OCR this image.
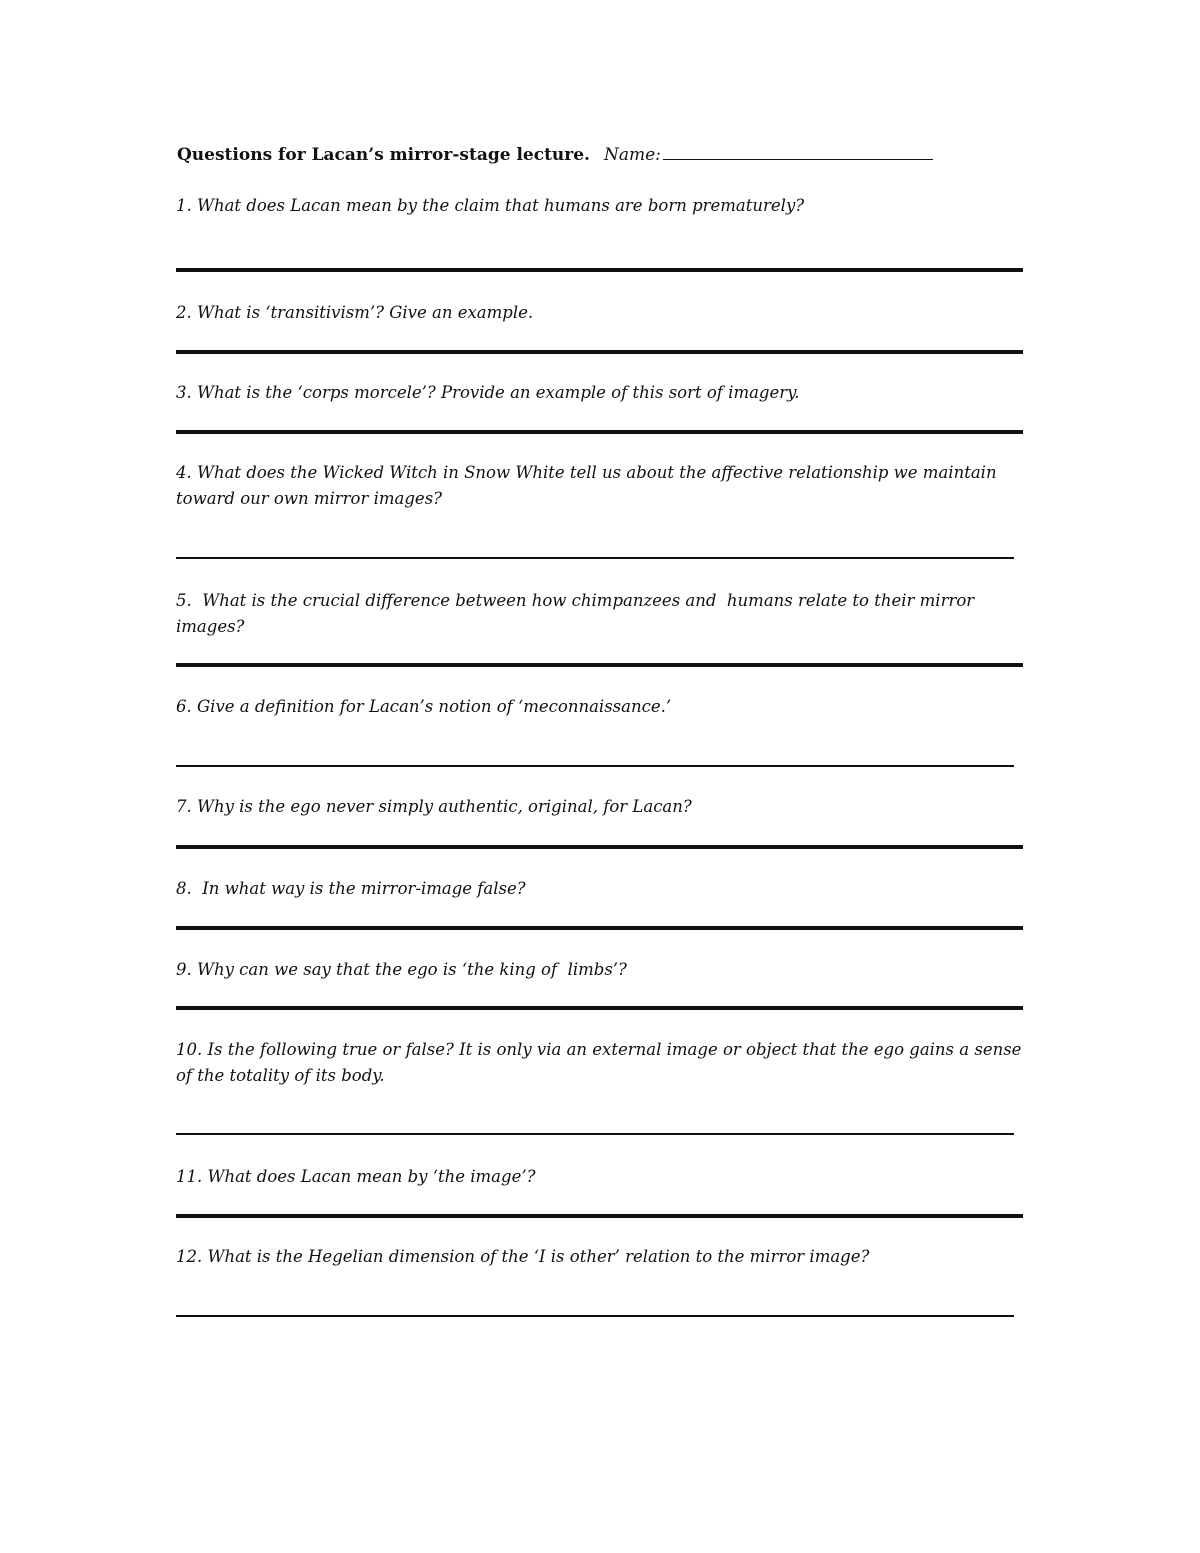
Questions for Lacan’s mirror-stage lecture. Name:
1. What does Lacan mean by the claim that humans are born prematurely?
2. What is ‘transitivism’? Give an example.
3. What is the ‘corps morcele’? Provide an example of this sort of imagery.
4. What does the Wicked Witch in Snow White tell us about the affective relationship we maintain toward our own mirror images?
5.  What is the crucial difference between how chimpanzees and  humans relate to their mirror images?
6. Give a definition for Lacan’s notion of ‘meconnaissance.’
7. Why is the ego never simply authentic, original, for Lacan?
8.  In what way is the mirror-image false?
9. Why can we say that the ego is ‘the king of  limbs’?
10. Is the following true or false? It is only via an external image or object that the ego gains a sense of the totality of its body.
11. What does Lacan mean by ‘the image’?
12. What is the Hegelian dimension of the ‘I is other’ relation to the mirror image?
